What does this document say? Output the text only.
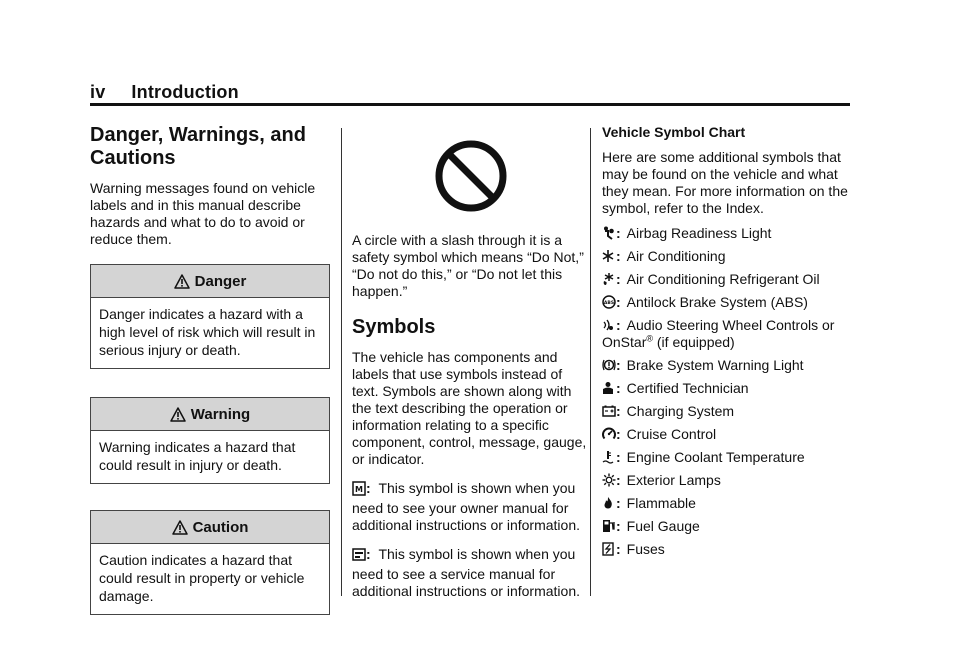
iv Introduction
Danger, Warnings, and Cautions

Warning messages found on vehicle labels and in this manual describe hazards and what to do to avoid or reduce them.

Danger
Danger indicates a hazard with a high level of risk which will result in serious injury or death.
Warning
Warning indicates a hazard that could result in injury or death.
Caution
Caution indicates a hazard that could result in property or vehicle damage.

A circle with a slash through it is a safety symbol which means “Do Not,” “Do not do this,” or “Do not let this happen.”

Symbols

The vehicle has components and labels that use symbols instead of text. Symbols are shown along with the text describing the operation or information relating to a specific component, control, message, gauge, or indicator.

M : This symbol is shown when you need to see your owner manual for additional instructions or information.

: This symbol is shown when you need to see a service manual for additional instructions or information.

Vehicle Symbol Chart

Here are some additional symbols that may be found on the vehicle and what they mean. For more information on the symbol, refer to the Index.

: Airbag Readiness Light
: Air Conditioning
: Air Conditioning Refrigerant Oil
ABS : Antilock Brake System (ABS)
: Audio Steering Wheel Controls or OnStar® (if equipped)
: Brake System Warning Light
: Certified Technician
: Charging System
: Cruise Control
: Engine Coolant Temperature
: Exterior Lamps
: Flammable
: Fuel Gauge
: Fuses
